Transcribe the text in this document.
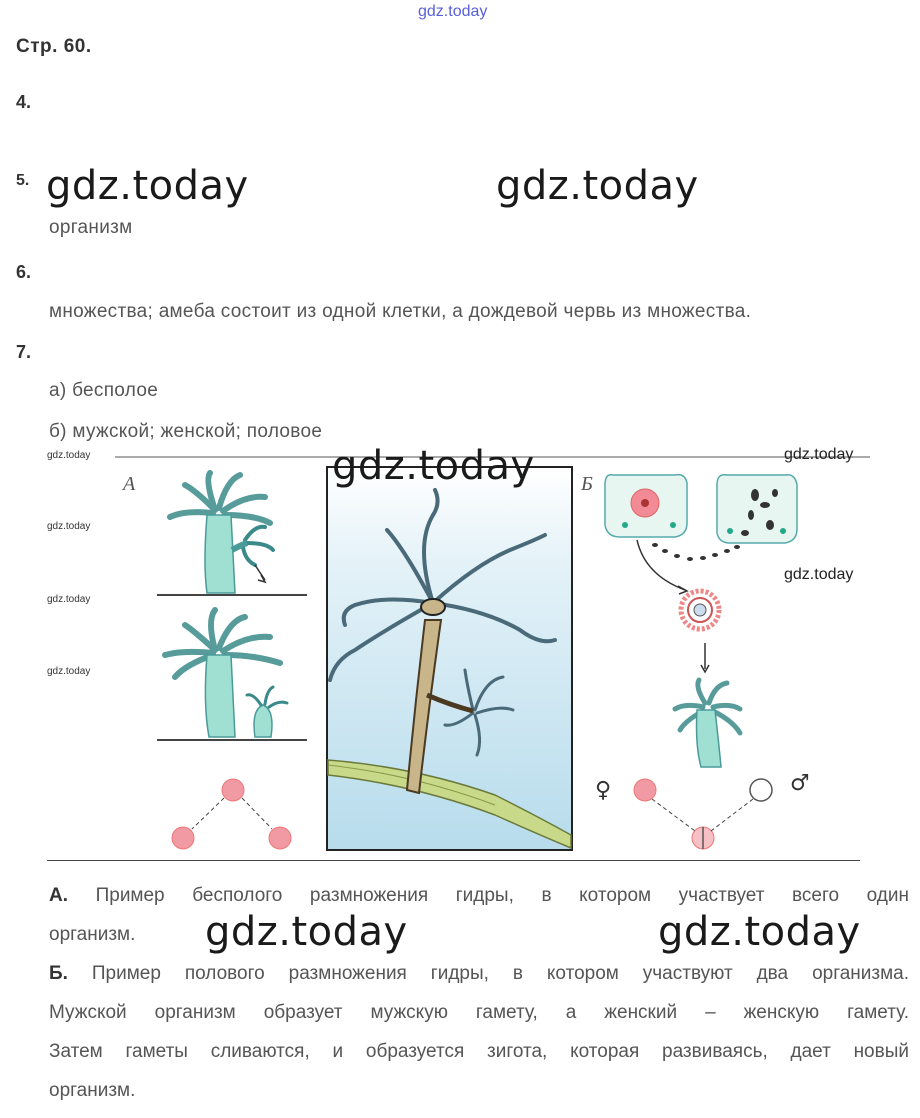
gdz.today
Стр. 60.
4.
5. gdz.today	gdz.today
организм
6.
множества; амеба состоит из одной клетки, а дождевой червь из множества.
7.
а) бесполое
б) мужской; женской; половое
А	Б
♀	♂
gdz.today
gdz.today
gdz.today
gdz.today
gdz.today	gdz.today
gdz.today
А. Пример бесполого размножения гидры, в котором участвует всего один
организм. gdz.today	gdz.today
Б. Пример полового размножения гидры, в котором участвуют два организма.
Мужской организм образует мужскую гамету, а женский – женскую гамету.
Затем гаметы сливаются, и образуется зигота, которая развиваясь, дает новый
организм.
